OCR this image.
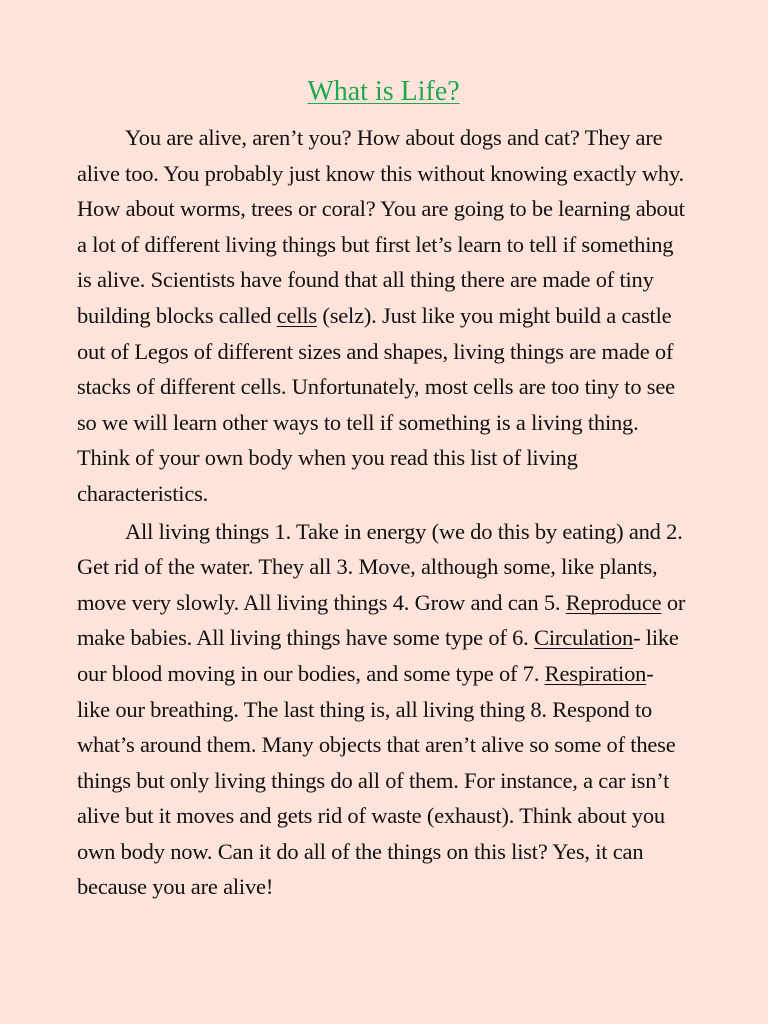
What is Life?

You are alive, aren’t you? How about dogs and cat? They are alive too. You probably just know this without knowing exactly why. How about worms, trees or coral? You are going to be learning about a lot of different living things but first let’s learn to tell if something is alive. Scientists have found that all thing there are made of tiny building blocks called cells (selz). Just like you might build a castle out of Legos of different sizes and shapes, living things are made of stacks of different cells. Unfortunately, most cells are too tiny to see so we will learn other ways to tell if something is a living thing. Think of your own body when you read this list of living characteristics.

All living things 1. Take in energy (we do this by eating) and 2. Get rid of the water. They all 3. Move, although some, like plants, move very slowly. All living things 4. Grow and can 5. Reproduce or make babies. All living things have some type of 6. Circulation- like our blood moving in our bodies, and some type of 7. Respiration- like our breathing. The last thing is, all living thing 8. Respond to what’s around them. Many objects that aren’t alive so some of these things but only living things do all of them. For instance, a car isn’t alive but it moves and gets rid of waste (exhaust). Think about you own body now. Can it do all of the things on this list? Yes, it can because you are alive!
